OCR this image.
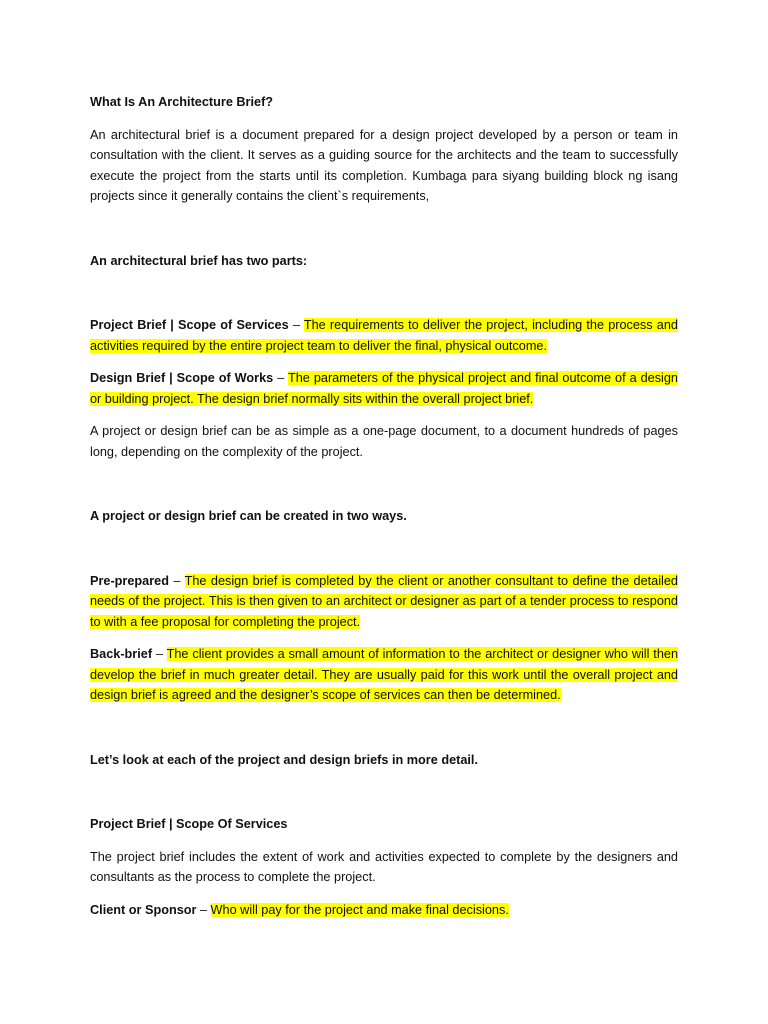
What Is An Architecture Brief?

An architectural brief is a document prepared for a design project developed by a person or team in consultation with the client. It serves as a guiding source for the architects and the team to successfully execute the project from the starts until its completion. Kumbaga para siyang building block ng isang projects since it generally contains the client`s requirements,

An architectural brief has two parts:

Project Brief | Scope of Services – The requirements to deliver the project, including the process and activities required by the entire project team to deliver the final, physical outcome.

Design Brief | Scope of Works – The parameters of the physical project and final outcome of a design or building project. The design brief normally sits within the overall project brief.

A project or design brief can be as simple as a one-page document, to a document hundreds of pages long, depending on the complexity of the project.

A project or design brief can be created in two ways.

Pre-prepared – The design brief is completed by the client or another consultant to define the detailed needs of the project. This is then given to an architect or designer as part of a tender process to respond to with a fee proposal for completing the project.

Back-brief – The client provides a small amount of information to the architect or designer who will then develop the brief in much greater detail. They are usually paid for this work until the overall project and design brief is agreed and the designer’s scope of services can then be determined.

Let’s look at each of the project and design briefs in more detail.

Project Brief | Scope Of Services

The project brief includes the extent of work and activities expected to complete by the designers and consultants as the process to complete the project.

Client or Sponsor – Who will pay for the project and make final decisions.
